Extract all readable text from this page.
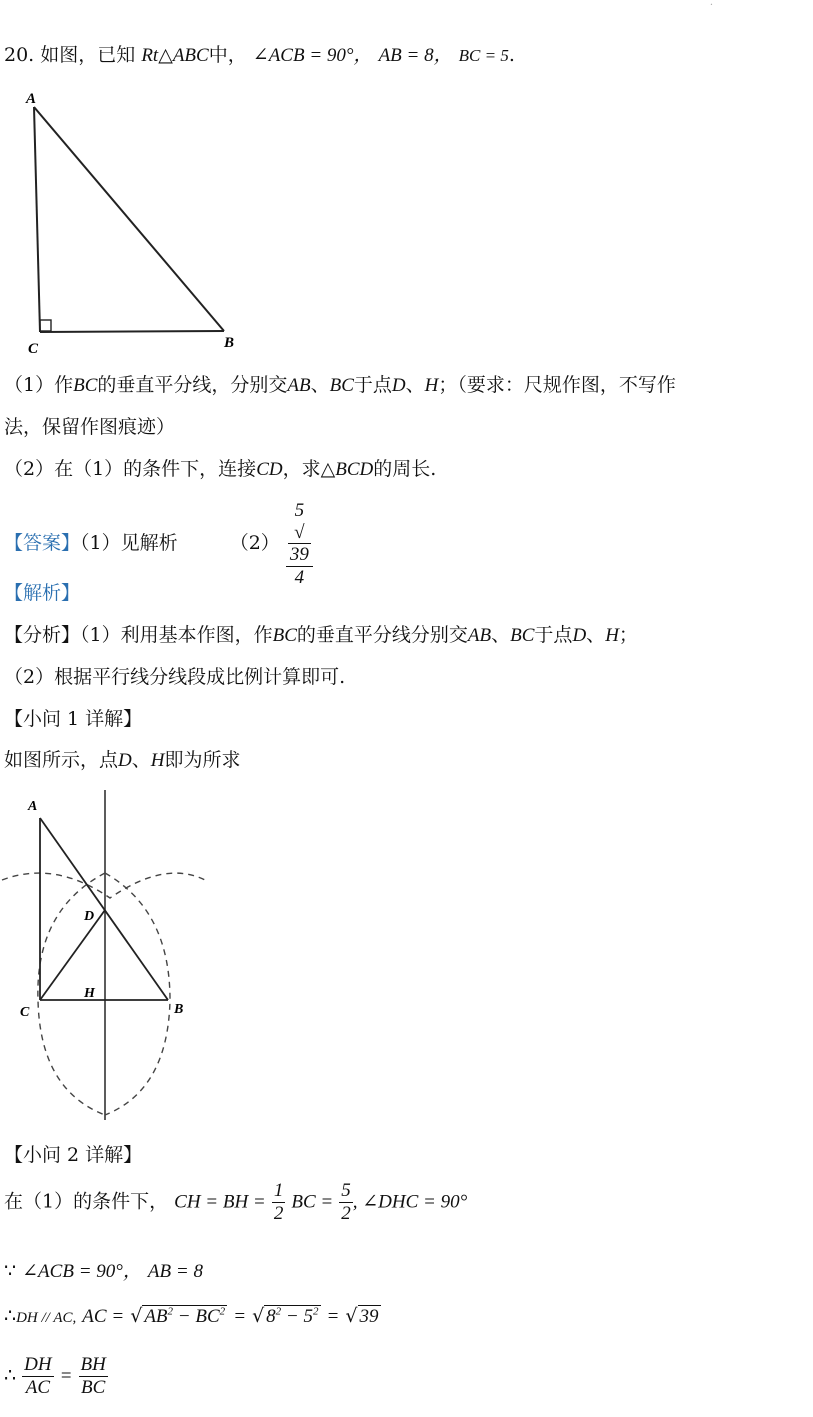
·
20. 如图，已知 Rt△ABC中， ∠ACB = 90°， AB = 8， BC = 5.
A
C	B
（1）作BC的垂直平分线，分别交AB、BC于点D、H；（要求：尺规作图，不写作
法，保留作图痕迹）
（2）在（1）的条件下，连接CD，求△BCD的周长.
【答案】（1）见解析	（2） 5
√
39
4
【解析】
【分析】（1）利用基本作图，作BC的垂直平分线分别交AB、BC于点D、H；
（2）根据平行线分线段成比例计算即可.
【小问 1 详解】
如图所示，点D、H即为所求
A
D
H
C	B
【小问 2 详解】
在（1）的条件下， CH = BH = $\frac{1}{2}$ BC = $\frac{5}{2}$ , ∠DHC = 90°
∵ ∠ACB = 90°， AB = 8
∴DH // AC, AC = √ $AB^2 - BC^2$ = √ $8^2 - 5^2$ = √ 39
∴ $\frac{DH}{AC} = \frac{BH}{BC}$
